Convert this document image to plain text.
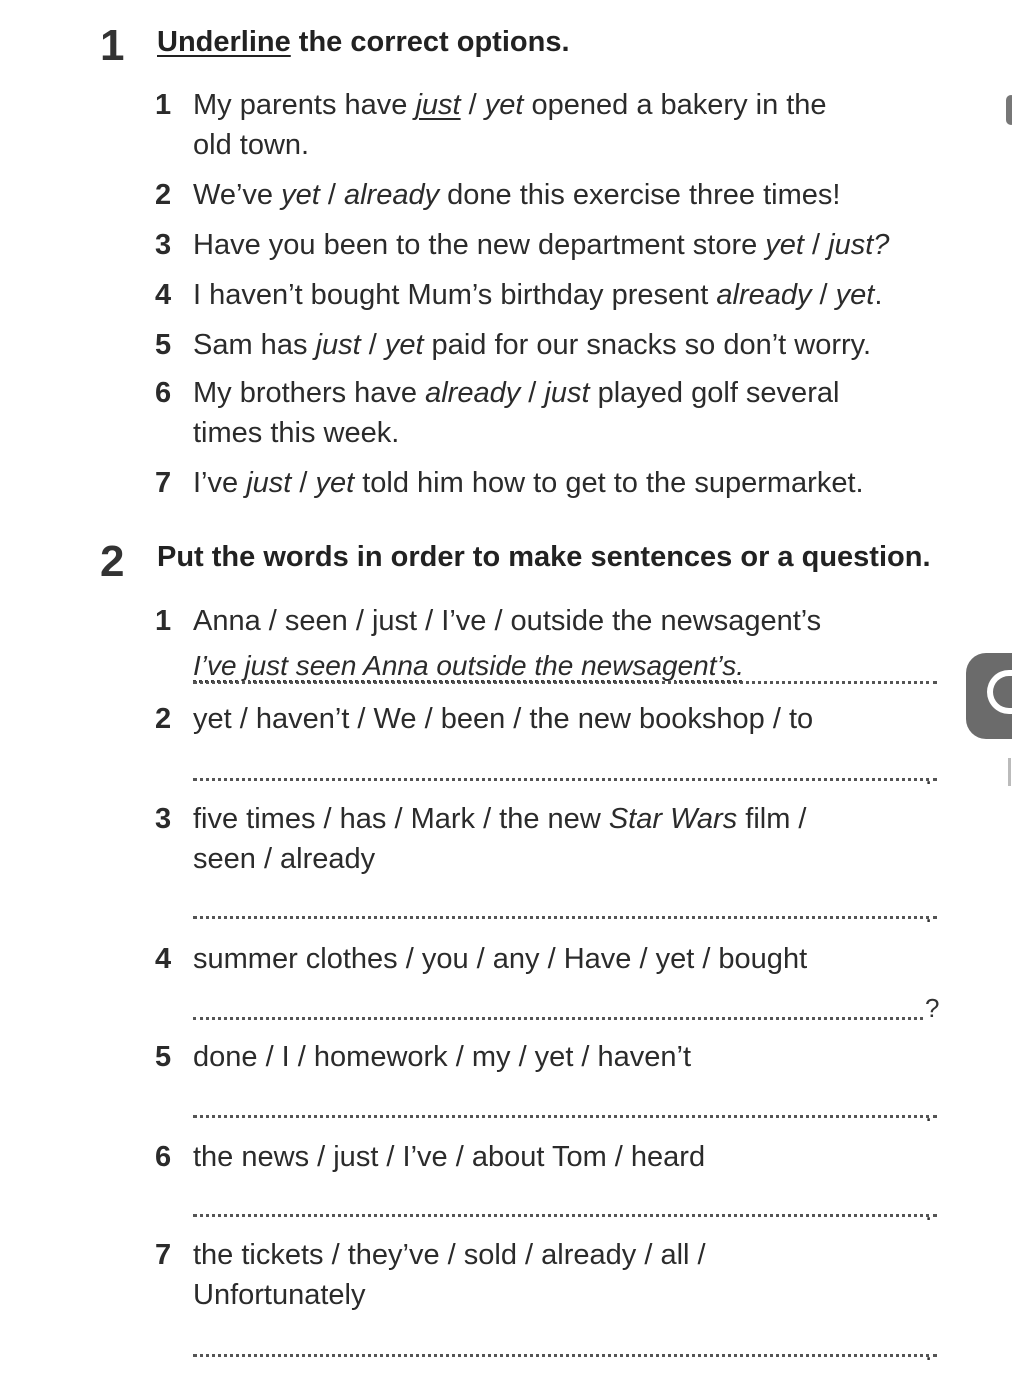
1 Underline the correct options.
1 My parents have just / yet opened a bakery in the
old town.
2 We’ve yet / already done this exercise three times!
3 Have you been to the new department store yet / just?
4 I haven’t bought Mum’s birthday present already / yet.
5 Sam has just / yet paid for our snacks so don’t worry.
6 My brothers have already / just played golf several
times this week.
7 I’ve just / yet told him how to get to the supermarket.
2 Put the words in order to make sentences or a question.
1 Anna / seen / just / I’ve / outside the newsagent’s
I’ve just seen Anna outside the newsagent’s.
2 yet / haven’t / We / been / the new bookshop / to
.
3 five times / has / Mark / the new Star Wars film /
seen / already
.
4 summer clothes / you / any / Have / yet / bought
?
5 done / I / homework / my / yet / haven’t
.
6 the news / just / I’ve / about Tom / heard
.
7 the tickets / they’ve / sold / already / all /
Unfortunately
.
